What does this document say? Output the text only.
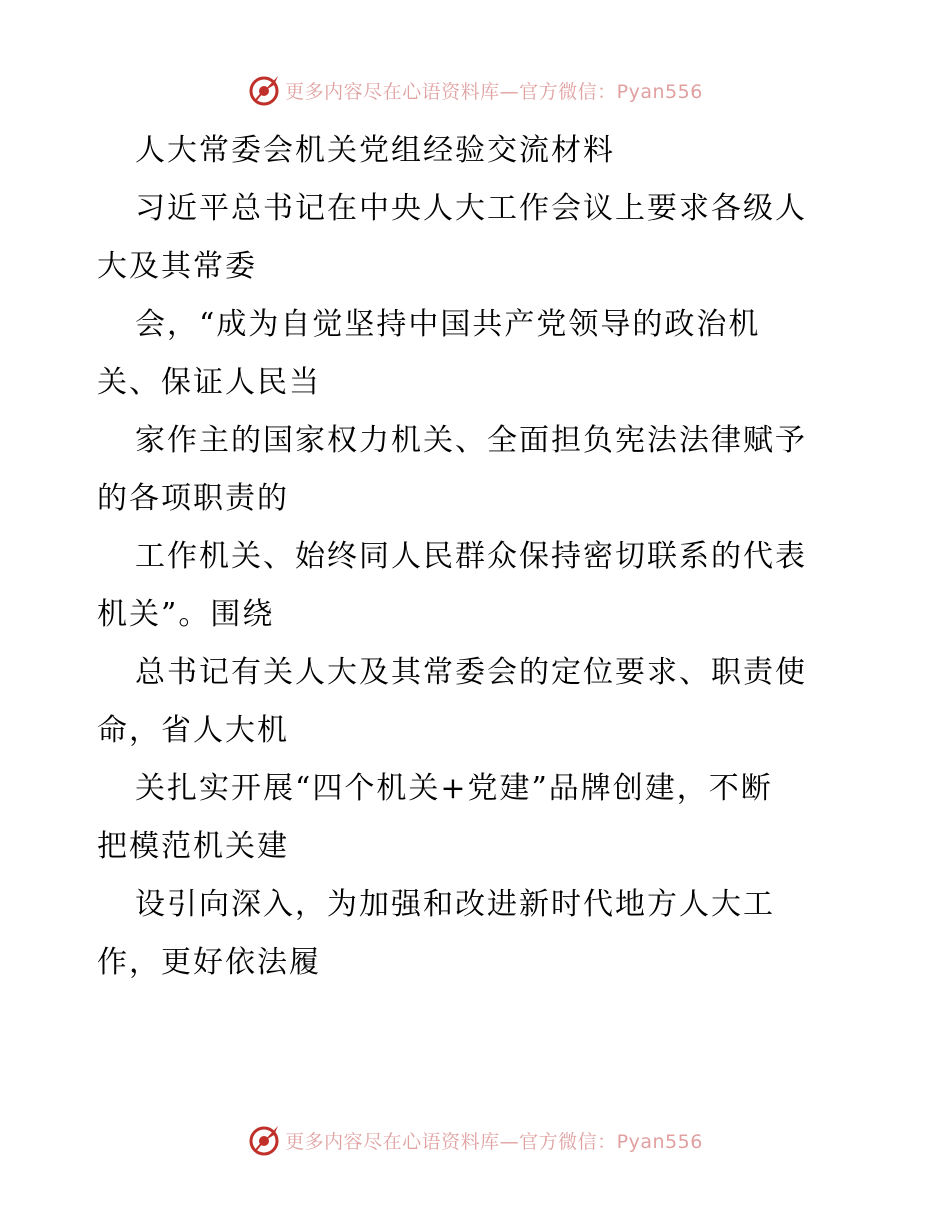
更多内容尽在心语资料库—官方微信：Pyan556
人大常委会机关党组经验交流材料
习近平总书记在中央人大工作会议上要求各级人
大及其常委
会，“成为自觉坚持中国共产党领导的政治机
关、保证人民当
家作主的国家权力机关、全面担负宪法法律赋予
的各项职责的
工作机关、始终同人民群众保持密切联系的代表
机关”。围绕
总书记有关人大及其常委会的定位要求、职责使
命，省人大机
关扎实开展“四个机关+党建”品牌创建，不断
把模范机关建
设引向深入，为加强和改进新时代地方人大工
作，更好依法履
更多内容尽在心语资料库—官方微信：Pyan556
